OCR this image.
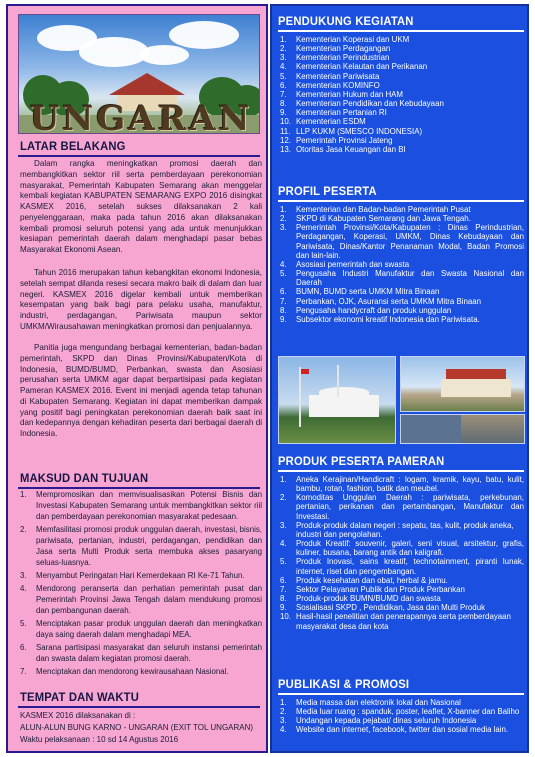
UNGARAN
LATAR BELAKANG

Dalam rangka meningkatkan promosi daerah dan membangkitkan sektor riil serta pemberdayaan perekonomian masyarakat, Pemerintah Kabupaten Semarang akan menggelar kembali kegiatan KABUPATEN SEMARANG EXPO 2016 disingkat KASMEX 2016, setelah sukses dilaksanakan 2 kali penyelenggaraan, maka pada tahun 2016 akan dilaksanakan kembali promosi seluruh potensi yang ada untuk menunjukkan kesiapan pemerintah daerah dalam menghadapi pasar bebas Masyarakat Ekonomi Asean.

Tahun 2016 merupakan tahun kebangkitan ekonomi Indonesia, setelah sempat dilanda resesi secara makro baik di dalam dan luar negeri. KASMEX 2016 digelar kembali untuk memberikan kesempatan yang baik bagi para pelaku usaha, manufaktur, industri, perdagangan, Pariwisata maupun sektor UMKM/Wirausahawan meningkatkan promosi dan penjualannya.

Panitia juga mengundang berbagai kementerian, badan-badan pemerintah, SKPD dan Dinas Provinsi/Kabupaten/Kota di Indonesia, BUMD/BUMD, Perbankan, swasta dan Asosiasi perusahan serta UMKM agar dapat berpartisipasi pada kegiatan Pameran KASMEX 2016. Event ini menjadi agenda tetap tahunan di Kabupaten Semarang. Kegiatan ini dapat memberikan dampak yang positif bagi peningkatan perekonomian daerah baik saat ini dan kedepannya dengan kehadiran peserta dari berbagai daerah di Indonesia.

MAKSUD DAN TUJUAN
1. Mempromosikan dan memvisualisasikan Potensi Bisnis dan Investasi Kabupaten Semarang untuk membangkitkan sektor riil dan pemberdayaan perekonomian masyarakat pedesaan.
2. Memfasilitasi promosi produk unggulan daerah, investasi, bisnis, pariwisata, pertanian, industri, perdagangan, pendidikan dan Jasa serta Multi Produk serta membuka akses pasaryang seluas-luasnya.
3. Menyambut Peringatan Hari Kemerdekaan RI Ke-71 Tahun.
4. Mendorong peranserta dan perhatian pemerintah pusat dan Pemerintah Provinsi Jawa Tengah dalam mendukung promosi dan pembangunan daerah.
5. Menciptakan pasar produk unggulan daerah dan meningkatkan daya saing daerah dalam menghadapi MEA.
6. Sarana partisipasi masyarakat dan seluruh instansi pemerintah dan swasta dalam kegiatan promosi daerah.
7. Menciptakan dan mendorong kewirausahaan Nasional.
TEMPAT DAN WAKTU
KASMEX 2016 dilaksanakan di :
ALUN-ALUN BUNG KARNO - UNGARAN (EXIT TOL UNGARAN)
Waktu pelaksanaan : 10 sd 14 Agustus 2016
PENDUKUNG KEGIATAN
1. Kementerian Koperasi dan UKM
2. Kementerian Perdagangan
3. Kementerian Perindustrian
4. Kementerian Kelautan dan Perikanan
5. Kementerian Pariwisata
6. Kementerian KOMINFO
7. Kementerian Hukum dan HAM
8. Kementerian Pendidikan dan Kebudayaan
9. Kementerian Pertanian RI
10. Kementerian ESDM
11. LLP KUKM (SMESCO INDONESIA)
12. Pemerintah Provinsi Jateng
13. Otoritas Jasa Keuangan dan BI
PROFIL PESERTA
1. Kementerian dan Badan-badan Pemerintah Pusat
2. SKPD di Kabupaten Semarang dan Jawa Tengah.
3. Pemerintah Provinsi/Kota/Kabupaten : Dinas Perindustrian, Perdagangan, Koperasi, UMKM, Dinas Kebudayaan dan Pariwisata, Dinas/Kantor Penanaman Modal, Badan Promosi dan lain-lain.
4. Asosiasi pemerintah dan swasta
5. Pengusaha Industri Manufaktur dan Swasta Nasional dan Daerah
6. BUMN, BUMD serta UMKM Mitra Binaan
7. Perbankan, OJK, Asuransi serta UMKM Mitra Binaan
8. Pengusaha handycraft dan produk unggulan
9. Subsektor ekonomi kreatif Indonesia dan Pariwisata.
PRODUK PESERTA PAMERAN
1. Aneka Kerajinan/Handicraft : logam, kramik, kayu, batu, kulit, bambu, rotan, fashion, batik dan meubel.
2. Komoditas Unggulan Daerah : pariwisata, perkebunan, pertanian, perikanan dan pertambangan, Manufaktur dan Investasi.
3. Produk-produk dalam negeri : sepatu, tas, kulit, produk aneka, industri dan pengolahan.
4. Produk Kreatif: souvenir, galeri, seni visual, arsitektur, grafis, kuliner, busana, barang antik dan kaligrafi.
5. Produk Inovasi, sains kreatif, technotainment, piranti lunak, internet, riset dan pengembangan.
6. Produk kesehatan dan obat, herbal & jamu.
7. Sektor Pelayanan Publik dan Produk Perbankan
8. Produk-produk BUMN/BUMD dan swasta
9. Sosialisasi SKPD , Pendidikan, Jasa dan Multi Produk
10. Hasil-hasil penelitian dan penerapannya serta pemberdayaan masyarakat desa dan kota
PUBLIKASI & PROMOSI
1. Media massa dan elektronik lokal dan Nasional
2. Media luar ruang : spanduk, poster, leaflet, X-banner dan Baliho
3. Undangan kepada pejabat/ dinas seluruh Indonesia
4. Website dan internet, facebook, twitter dan sosial media lain.
